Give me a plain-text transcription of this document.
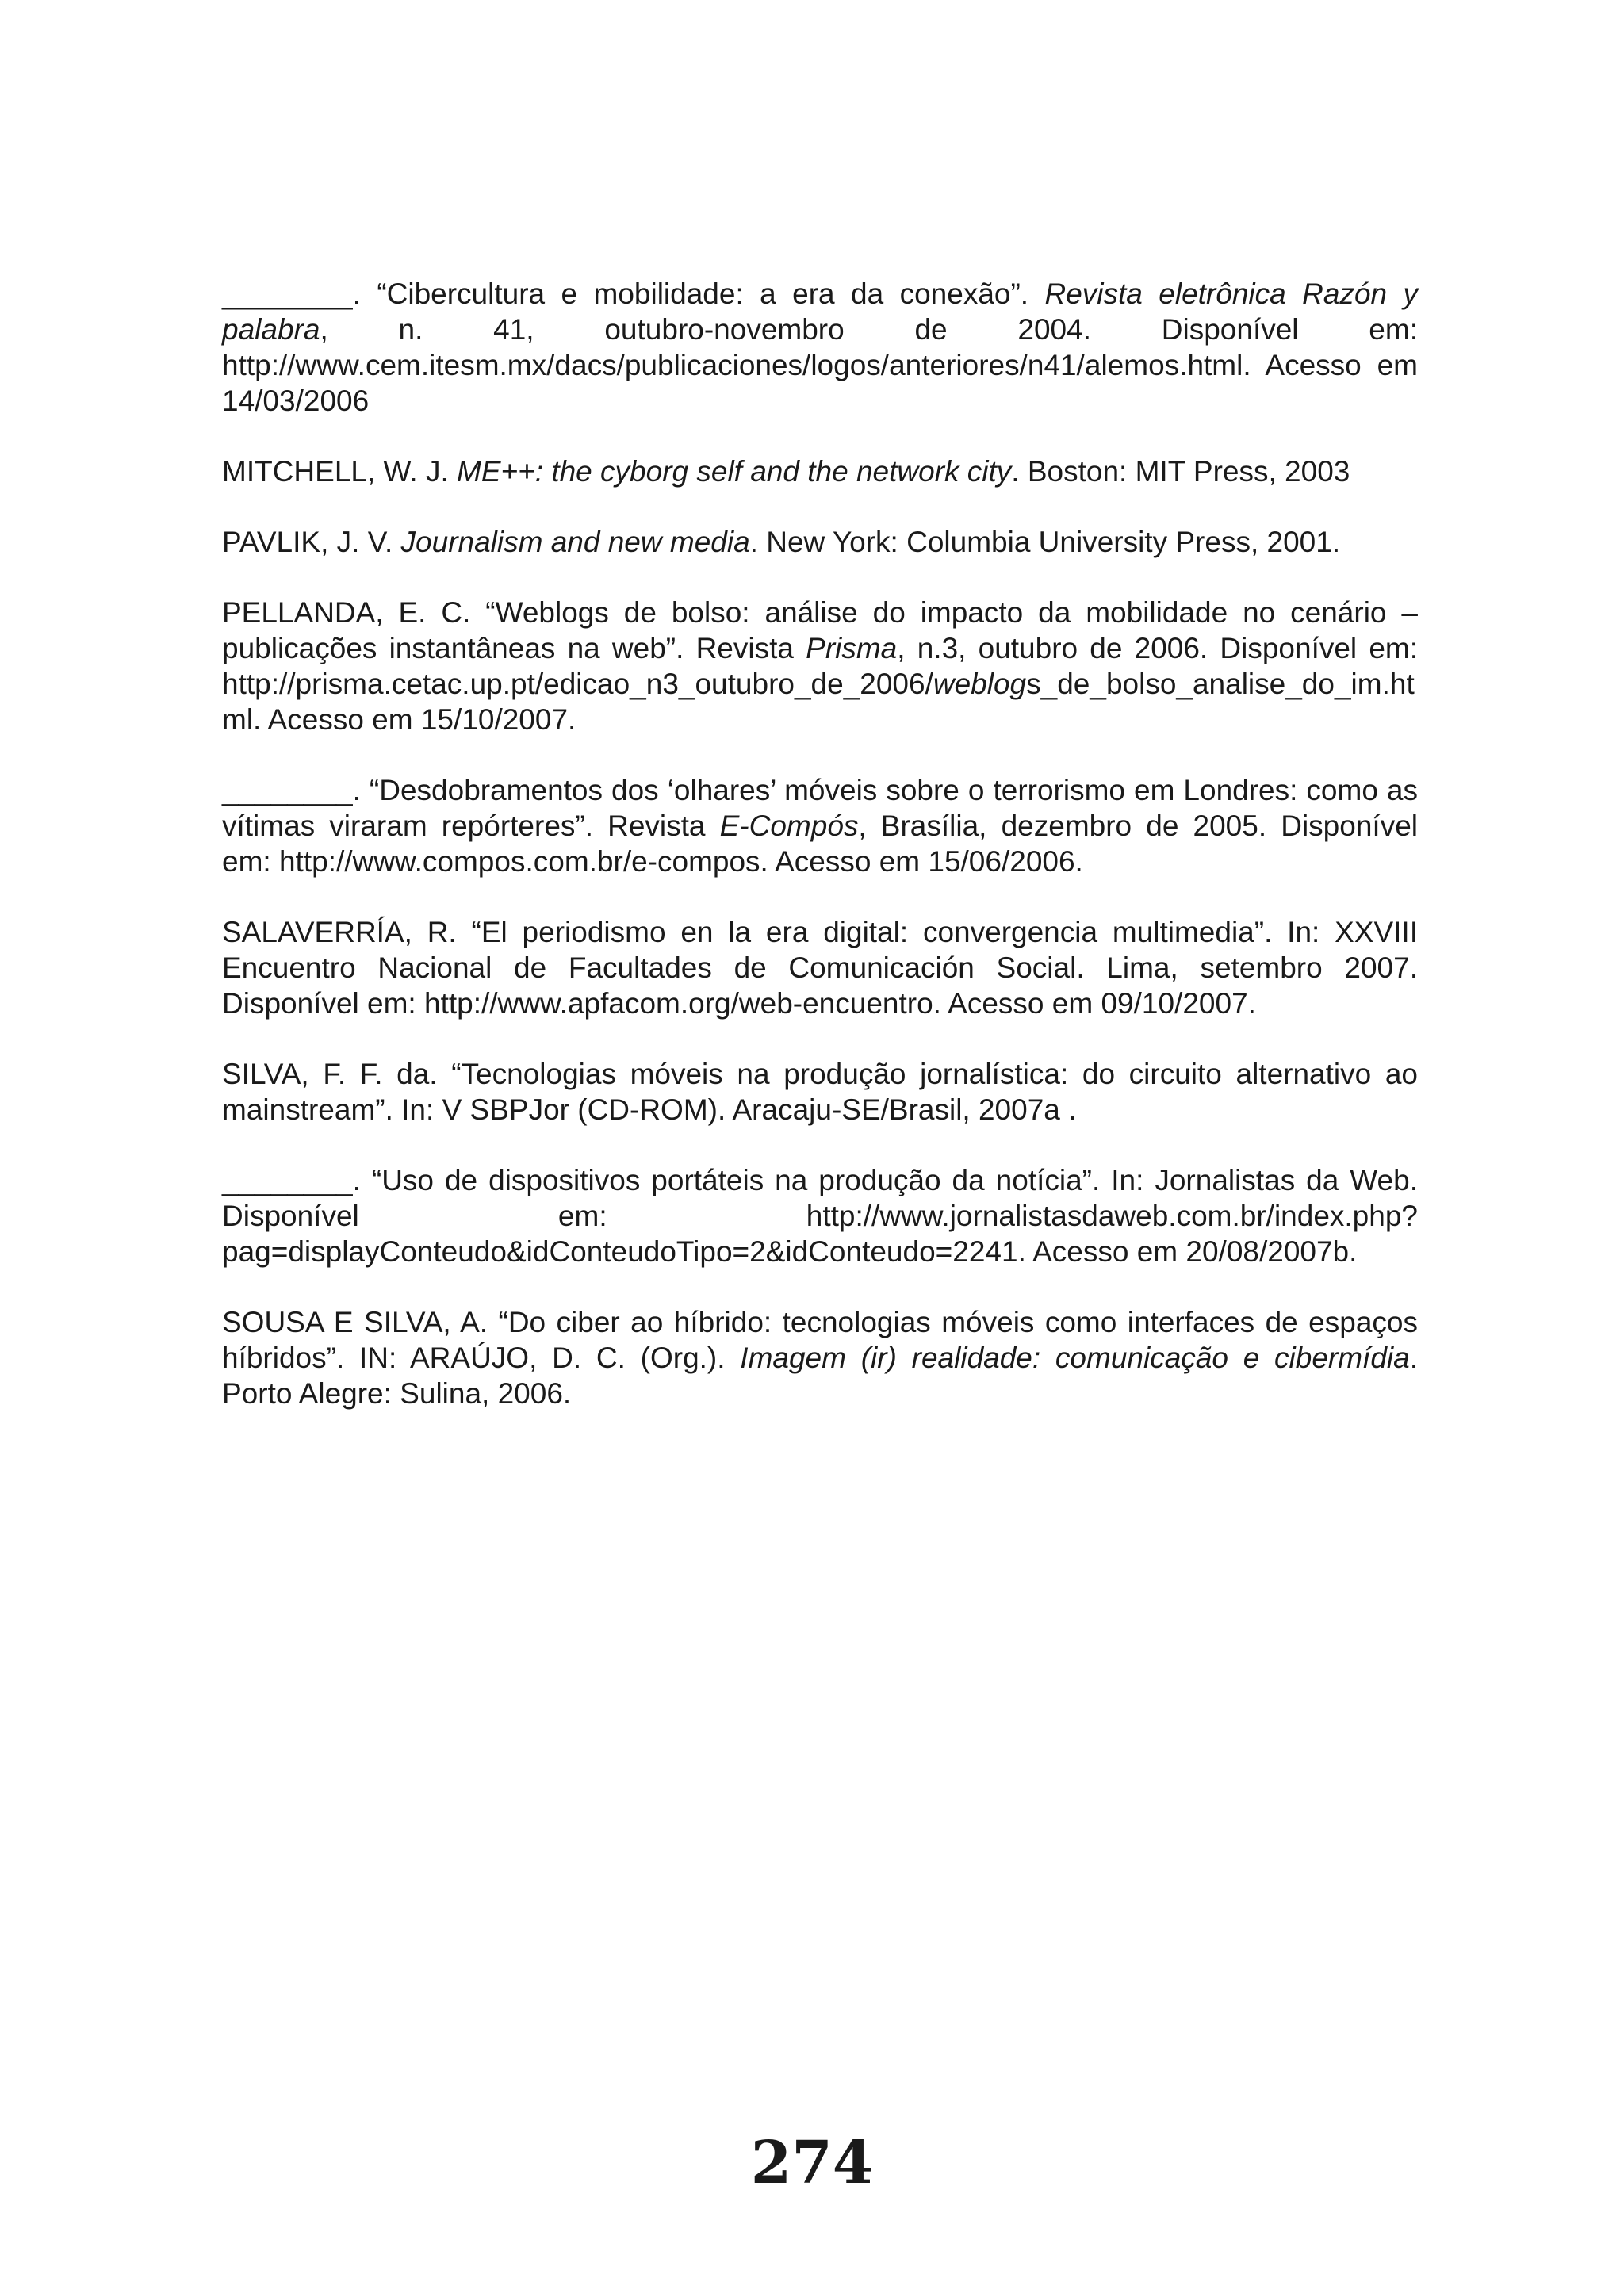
________. “Cibercultura e mobilidade: a era da conexão”. Revista eletrônica Razón y palabra, n. 41, outubro-novembro de 2004. Disponível em: http://www.cem.itesm.mx/dacs/publicaciones/logos/anteriores/n41/alemos.html. Acesso em 14/03/2006

MITCHELL, W. J. ME++: the cyborg self and the network city. Boston: MIT Press, 2003

PAVLIK, J. V. Journalism and new media. New York: Columbia University Press, 2001.

PELLANDA, E. C. “Weblogs de bolso: análise do impacto da mobilidade no cenário – publicações instantâneas na web”. Revista Prisma, n.3, outubro de 2006. Disponível em: http://prisma.cetac.up.pt/edicao_n3_outubro_de_2006/weblogs_de_bolso_analise_do_im.html. Acesso em 15/10/2007.

________. “Desdobramentos dos ‘olhares’ móveis sobre o terrorismo em Londres: como as vítimas viraram repórteres”. Revista E-Compós, Brasília, dezembro de 2005. Disponível em: http://www.compos.com.br/e-compos. Acesso em 15/06/2006.

SALAVERRÍA, R. “El periodismo en la era digital: convergencia multimedia”. In: XXVIII Encuentro Nacional de Facultades de Comunicación Social. Lima, setembro 2007. Disponível em: http://www.apfacom.org/web-encuentro. Acesso em 09/10/2007.

SILVA, F. F. da. “Tecnologias móveis na produção jornalística: do circuito alternativo ao mainstream”. In: V SBPJor (CD-ROM). Aracaju-SE/Brasil, 2007a .

________. “Uso de dispositivos portáteis na produção da notícia”. In: Jornalistas da Web. Disponível em: http://www.jornalistasdaweb.com.br/index.php?pag=displayConteudo&idConteudoTipo=2&idConteudo=2241. Acesso em 20/08/2007b.

SOUSA E SILVA, A. “Do ciber ao híbrido: tecnologias móveis como interfaces de espaços híbridos”. IN: ARAÚJO, D. C. (Org.). Imagem (ir) realidade: comunicação e cibermídia. Porto Alegre: Sulina, 2006.

274
